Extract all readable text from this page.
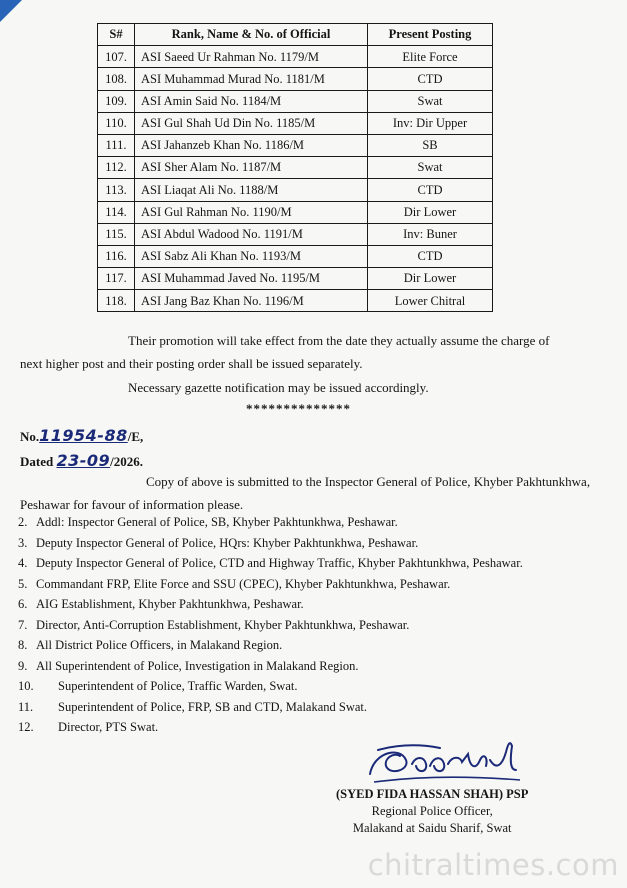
S#	Rank, Name & No. of Official	Present Posting
107.	ASI Saeed Ur Rahman No. 1179/M	Elite Force
108.	ASI Muhammad Murad No. 1181/M	CTD
109.	ASI Amin Said No. 1184/M	Swat
110.	ASI Gul Shah Ud Din No. 1185/M	Inv: Dir Upper
111.	ASI Jahanzeb Khan No. 1186/M	SB
112.	ASI Sher Alam No. 1187/M	Swat
113.	ASI Liaqat Ali No. 1188/M	CTD
114.	ASI Gul Rahman No. 1190/M	Dir Lower
115.	ASI Abdul Wadood No. 1191/M	Inv: Buner
116.	ASI Sabz Ali Khan No. 1193/M	CTD
117.	ASI Muhammad Javed No. 1195/M	Dir Lower
118.	ASI Jang Baz Khan No. 1196/M	Lower Chitral
Their promotion will take effect from the date they actually assume the charge of
next higher post and their posting order shall be issued separately.
Necessary gazette notification may be issued accordingly.
**************
No.11954-88/E,
Dated 23-09/2026.
Copy of above is submitted to the Inspector General of Police, Khyber Pakhtunkhwa,
Peshawar for favour of information please.
2. Addl: Inspector General of Police, SB, Khyber Pakhtunkhwa, Peshawar.
3. Deputy Inspector General of Police, HQrs: Khyber Pakhtunkhwa, Peshawar.
4. Deputy Inspector General of Police, CTD and Highway Traffic, Khyber Pakhtunkhwa, Peshawar.
5. Commandant FRP, Elite Force and SSU (CPEC), Khyber Pakhtunkhwa, Peshawar.
6. AIG Establishment, Khyber Pakhtunkhwa, Peshawar.
7. Director, Anti-Corruption Establishment, Khyber Pakhtunkhwa, Peshawar.
8. All District Police Officers, in Malakand Region.
9. All Superintendent of Police, Investigation in Malakand Region.
10.	Superintendent of Police, Traffic Warden, Swat.
11.	Superintendent of Police, FRP, SB and CTD, Malakand Swat.
12.	Director, PTS Swat.
(SYED FIDA HASSAN SHAH) PSP
Regional Police Officer,
Malakand at Saidu Sharif, Swat
chitraltimes.com
